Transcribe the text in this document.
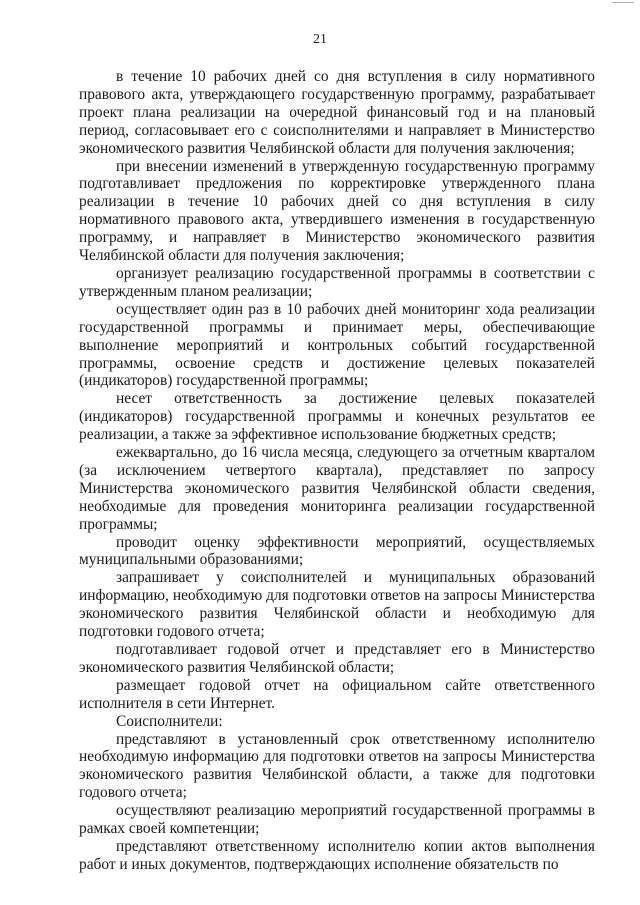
21

в течение 10 рабочих дней со дня вступления в силу нормативного правового акта, утверждающего государственную программу, разрабатывает проект плана реализации на очередной финансовый год и на плановый период, согласовывает его с соисполнителями и направляет в Министерство экономического развития Челябинской области для получения заключения;

при внесении изменений в утвержденную государственную программу подготавливает предложения по корректировке утвержденного плана реализации в течение 10 рабочих дней со дня вступления в силу нормативного правового акта, утвердившего изменения в государственную программу, и направляет в Министерство экономического развития Челябинской области для получения заключения;

организует реализацию государственной программы в соответствии с утвержденным планом реализации;

осуществляет один раз в 10 рабочих дней мониторинг хода реализации государственной программы и принимает меры, обеспечивающие выполнение мероприятий и контрольных событий государственной программы, освоение средств и достижение целевых показателей (индикаторов) государственной программы;

несет ответственность за достижение целевых показателей (индикаторов) государственной программы и конечных результатов ее реализации, а также за эффективное использование бюджетных средств;

ежеквартально, до 16 числа месяца, следующего за отчетным кварталом (за исключением четвертого квартала), представляет по запросу Министерства экономического развития Челябинской области сведения, необходимые для проведения мониторинга реализации государственной программы;

проводит оценку эффективности мероприятий, осуществляемых муниципальными образованиями;

запрашивает у соисполнителей и муниципальных образований информацию, необходимую для подготовки ответов на запросы Министерства экономического развития Челябинской области и необходимую для подготовки годового отчета;

подготавливает годовой отчет и представляет его в Министерство экономического развития Челябинской области;

размещает годовой отчет на официальном сайте ответственного исполнителя в сети Интернет.

Соисполнители:

представляют в установленный срок ответственному исполнителю необходимую информацию для подготовки ответов на запросы Министерства экономического развития Челябинской области, а также для подготовки годового отчета;

осуществляют реализацию мероприятий государственной программы в рамках своей компетенции;

представляют ответственному исполнителю копии актов выполнения работ и иных документов, подтверждающих исполнение обязательств по
